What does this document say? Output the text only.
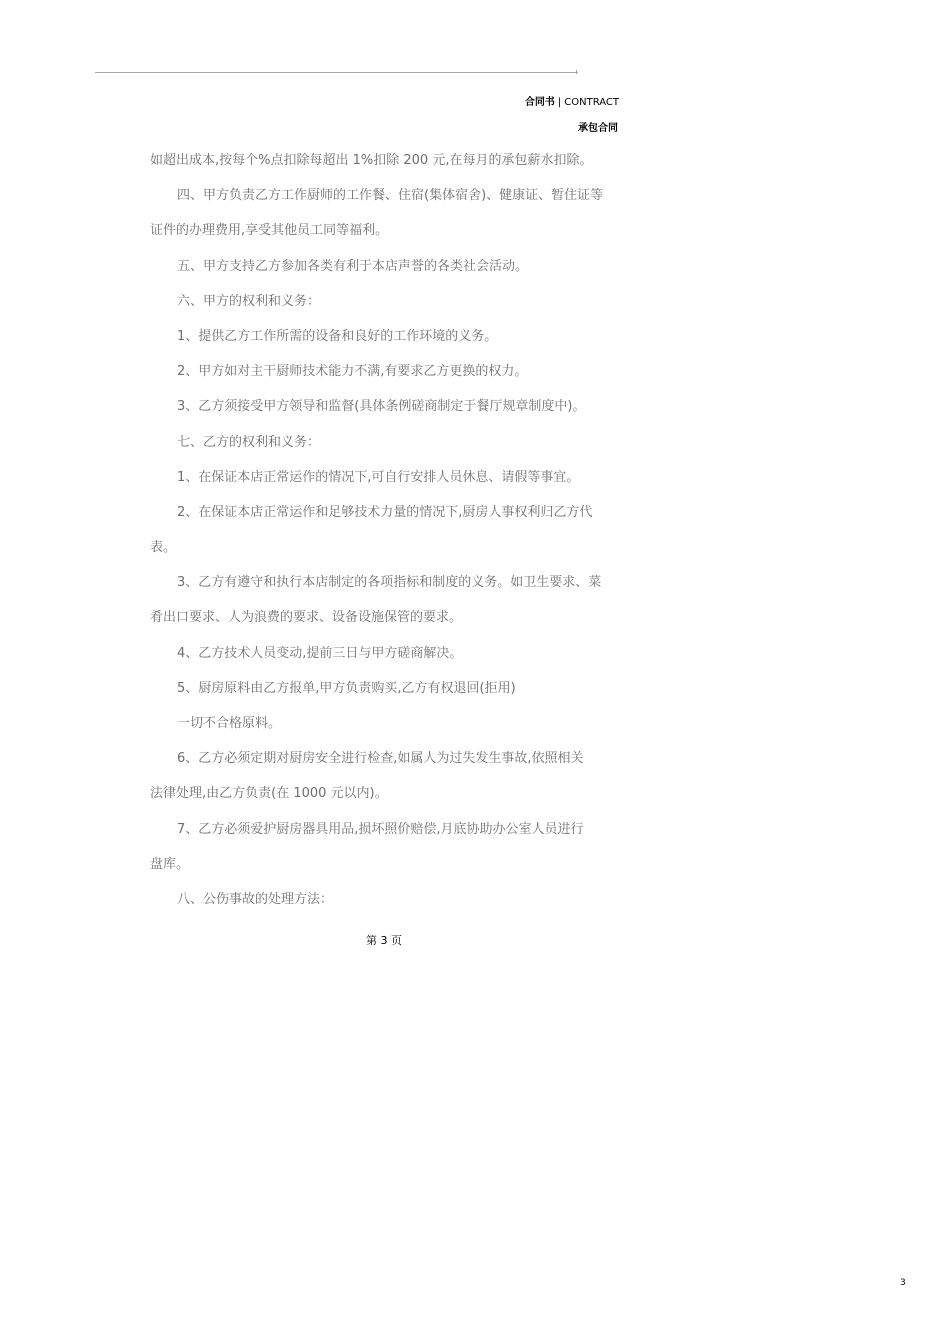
合同书 | CONTRACT
承包合同

如超出成本,按每个%点扣除每超出 1%扣除 200 元,在每月的承包薪水扣除。

四、甲方负责乙方工作厨师的工作餐、住宿(集体宿舍)、健康证、暂住证等

证件的办理费用,享受其他员工同等福利。

五、甲方支持乙方参加各类有利于本店声誉的各类社会活动。

六、甲方的权利和义务：

1、提供乙方工作所需的设备和良好的工作环境的义务。

2、甲方如对主干厨师技术能力不满,有要求乙方更换的权力。

3、乙方须接受甲方领导和监督(具体条例磋商制定于餐厅规章制度中)。

七、乙方的权利和义务：

1、在保证本店正常运作的情况下,可自行安排人员休息、请假等事宜。

2、在保证本店正常运作和足够技术力量的情况下,厨房人事权利归乙方代

表。

3、乙方有遵守和执行本店制定的各项指标和制度的义务。如卫生要求、菜

肴出口要求、人为浪费的要求、设备设施保管的要求。

4、乙方技术人员变动,提前三日与甲方磋商解决。

5、厨房原料由乙方报单,甲方负责购买,乙方有权退回(拒用)

一切不合格原料。

6、乙方必须定期对厨房安全进行检查,如属人为过失发生事故,依照相关

法律处理,由乙方负责(在 1000 元以内)。

7、乙方必须爱护厨房器具用品,损坏照价赔偿,月底协助办公室人员进行

盘库。

八、公伤事故的处理方法：

第 3 页
3
